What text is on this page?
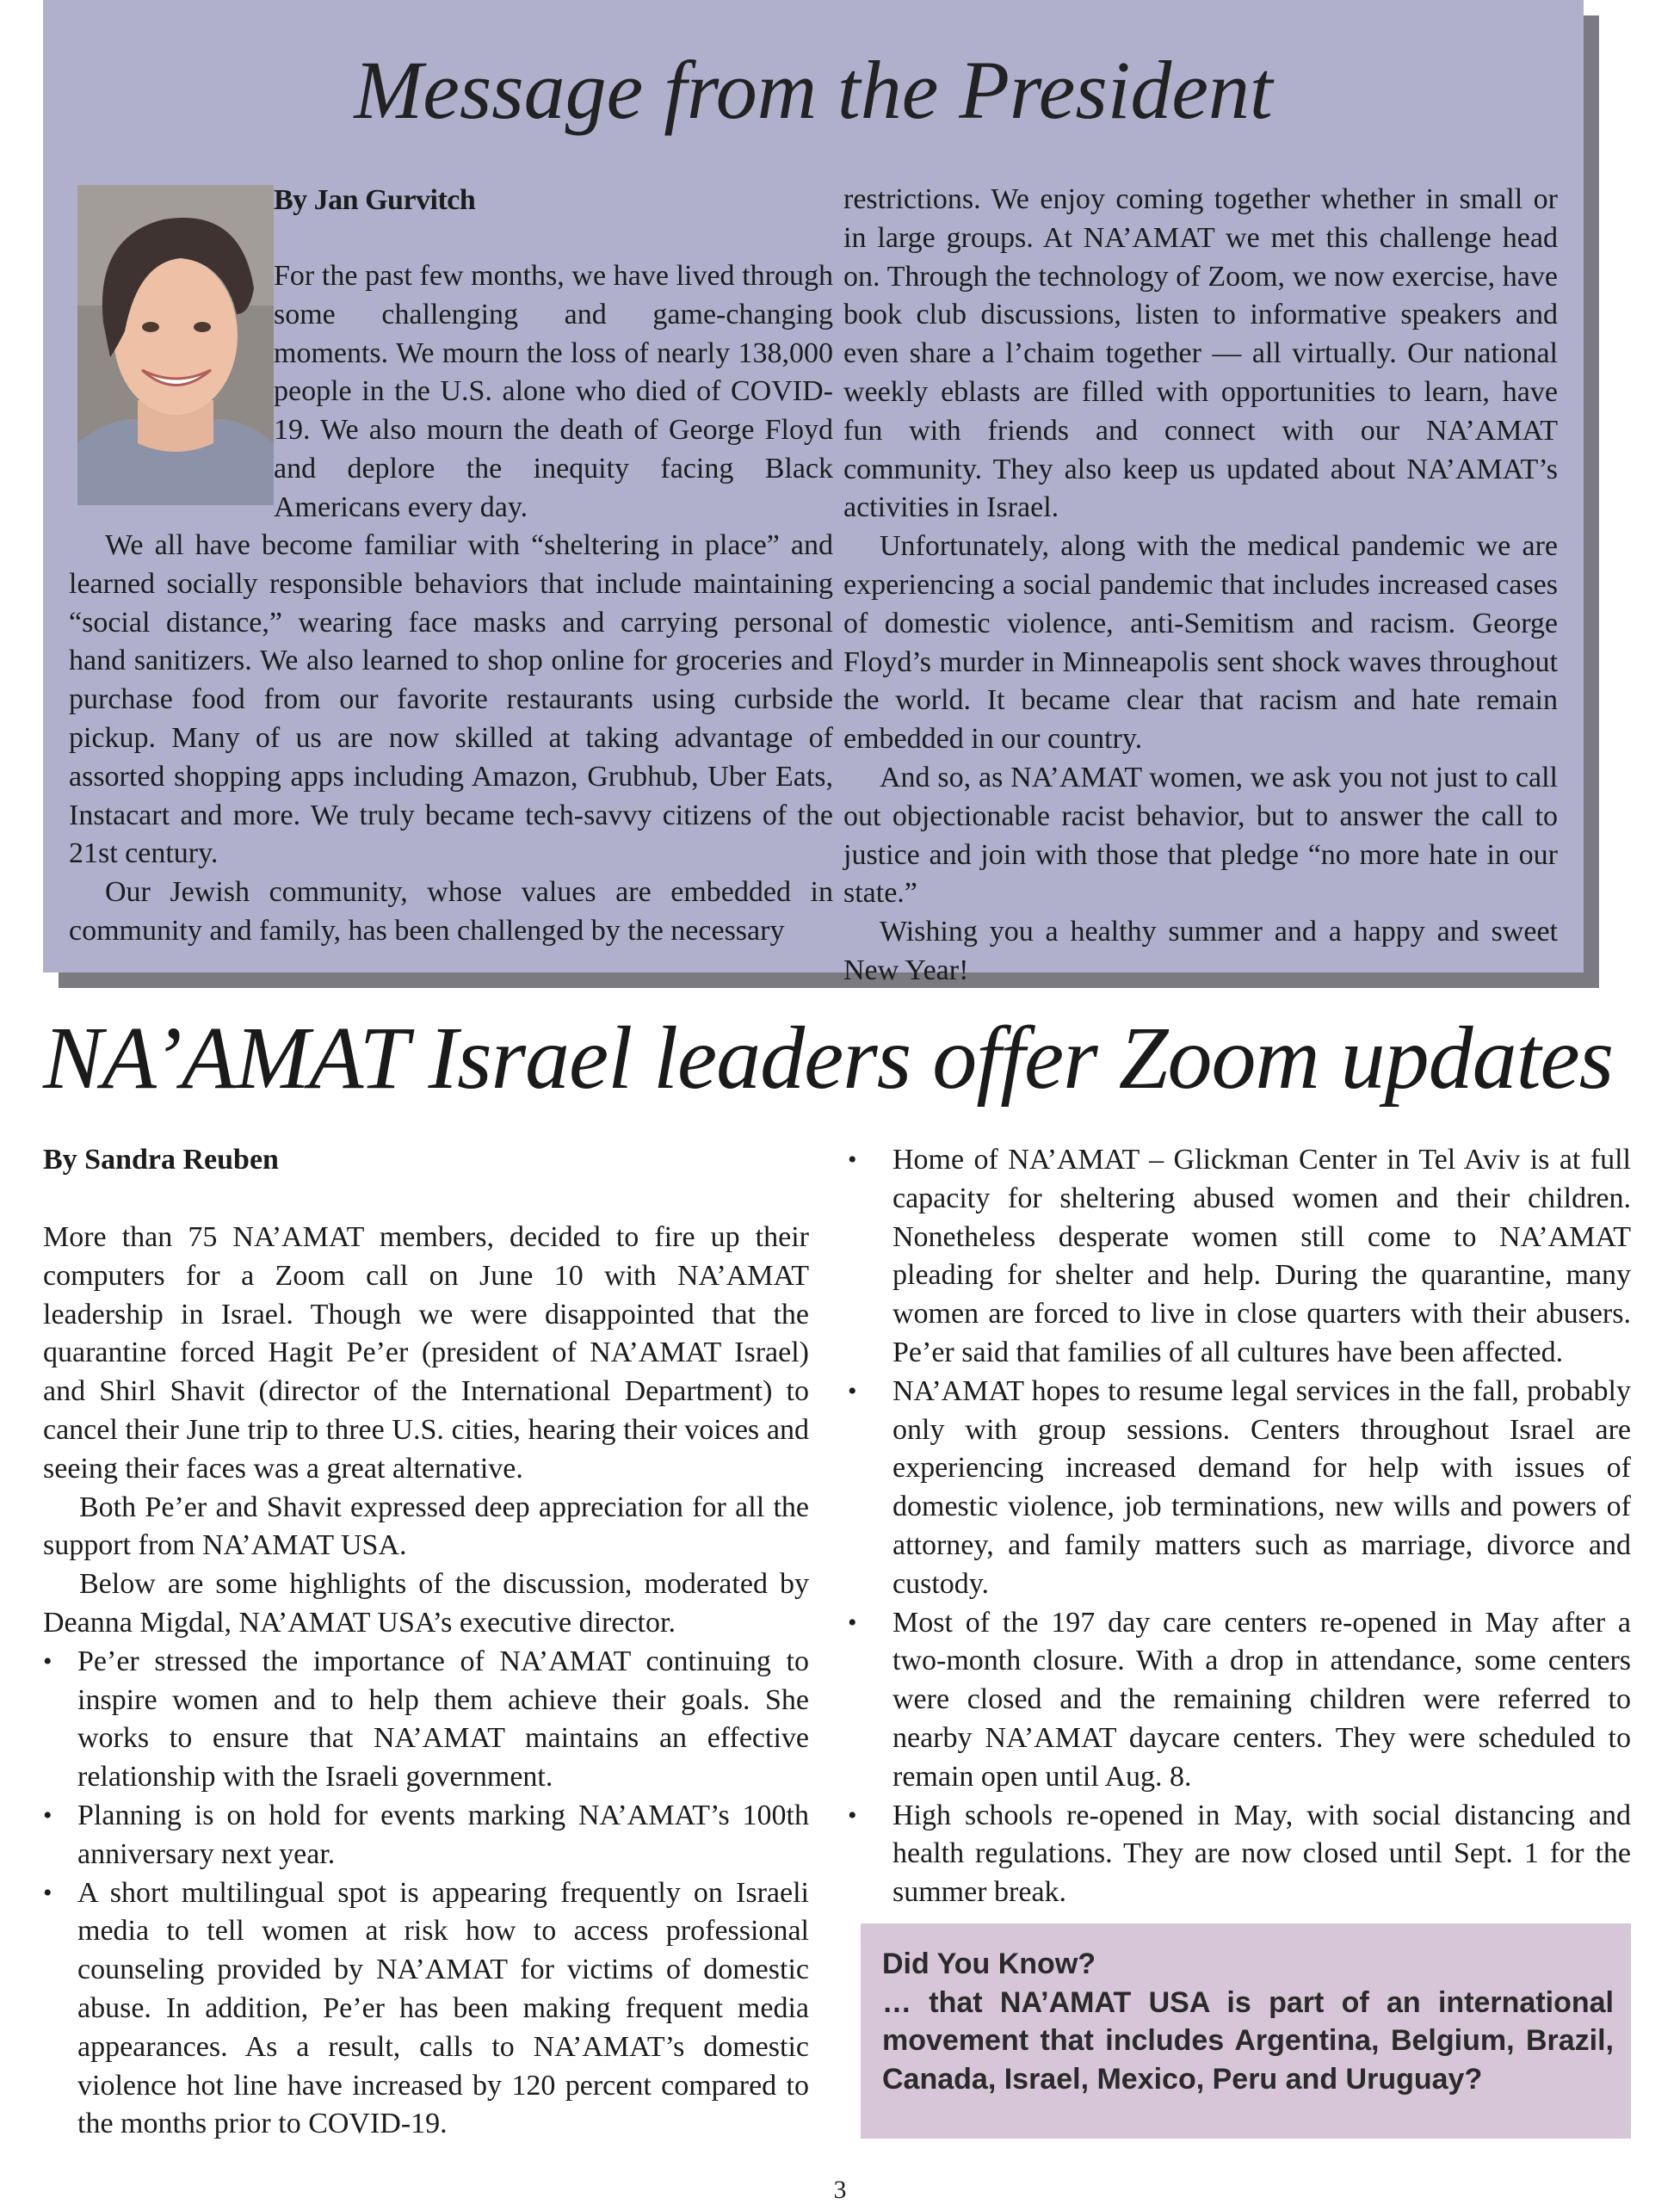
Message from the President
By Jan Gurvitch

For the past few months, we have lived through some challenging and game-changing moments. We mourn the loss of nearly 138,000 people in the U.S. alone who died of COVID-19. We also mourn the death of George Floyd and deplore the inequity facing Black Americans every day.

We all have become familiar with “sheltering in place” and learned socially responsible behaviors that include maintaining “social distance,” wearing face masks and carrying personal hand sanitizers. We also learned to shop online for groceries and purchase food from our favorite restaurants using curbside pickup. Many of us are now skilled at taking advantage of assorted shopping apps including Amazon, Grubhub, Uber Eats, Instacart and more. We truly became tech-savvy citizens of the 21st century.

Our Jewish community, whose values are embedded in community and family, has been challenged by the necessary

restrictions. We enjoy coming together whether in small or in large groups. At NA’AMAT we met this challenge head on. Through the technology of Zoom, we now exercise, have book club discussions, listen to informative speakers and even share a l’chaim together — all virtually. Our national weekly eblasts are filled with opportunities to learn, have fun with friends and connect with our NA’AMAT community. They also keep us updated about NA’AMAT’s activities in Israel.

Unfortunately, along with the medical pandemic we are experiencing a social pandemic that includes increased cases of domestic violence, anti-Semitism and racism. George Floyd’s murder in Minneapolis sent shock waves throughout the world. It became clear that racism and hate remain embedded in our country.

And so, as NA’AMAT women, we ask you not just to call out objectionable racist behavior, but to answer the call to justice and join with those that pledge “no more hate in our state.”

Wishing you a healthy summer and a happy and sweet New Year!

NA’AMAT Israel leaders offer Zoom updates
By Sandra Reuben

More than 75 NA’AMAT members, decided to fire up their computers for a Zoom call on June 10 with NA’AMAT leadership in Israel. Though we were disappointed that the quarantine forced Hagit Pe’er (president of NA’AMAT Israel) and Shirl Shavit (director of the International Department) to cancel their June trip to three U.S. cities, hearing their voices and seeing their faces was a great alternative.

Both Pe’er and Shavit expressed deep appreciation for all the support from NA’AMAT USA.

Below are some highlights of the discussion, moderated by Deanna Migdal, NA’AMAT USA’s executive director.

• Pe’er stressed the importance of NA’AMAT continuing to inspire women and to help them achieve their goals. She works to ensure that NA’AMAT maintains an effective relationship with the Israeli government.
• Planning is on hold for events marking NA’AMAT’s 100th anniversary next year.
• A short multilingual spot is appearing frequently on Israeli media to tell women at risk how to access professional counseling provided by NA’AMAT for victims of domestic abuse. In addition, Pe’er has been making frequent media appearances. As a result, calls to NA’AMAT’s domestic violence hot line have increased by 120 percent compared to the months prior to COVID-19.
• Home of NA’AMAT – Glickman Center in Tel Aviv is at full capacity for sheltering abused women and their children. Nonetheless desperate women still come to NA’AMAT pleading for shelter and help. During the quarantine, many women are forced to live in close quarters with their abusers. Pe’er said that families of all cultures have been affected.
• NA’AMAT hopes to resume legal services in the fall, probably only with group sessions. Centers throughout Israel are experiencing increased demand for help with issues of domestic violence, job terminations, new wills and powers of attorney, and family matters such as marriage, divorce and custody.
• Most of the 197 day care centers re-opened in May after a two-month closure. With a drop in attendance, some centers were closed and the remaining children were referred to nearby NA’AMAT daycare centers. They were scheduled to remain open until Aug. 8.
• High schools re-opened in May, with social distancing and health regulations. They are now closed until Sept. 1 for the summer break.
Did You Know?
… that NA’AMAT USA is part of an international movement that includes Argentina, Belgium, Brazil, Canada, Israel, Mexico, Peru and Uruguay?
3
